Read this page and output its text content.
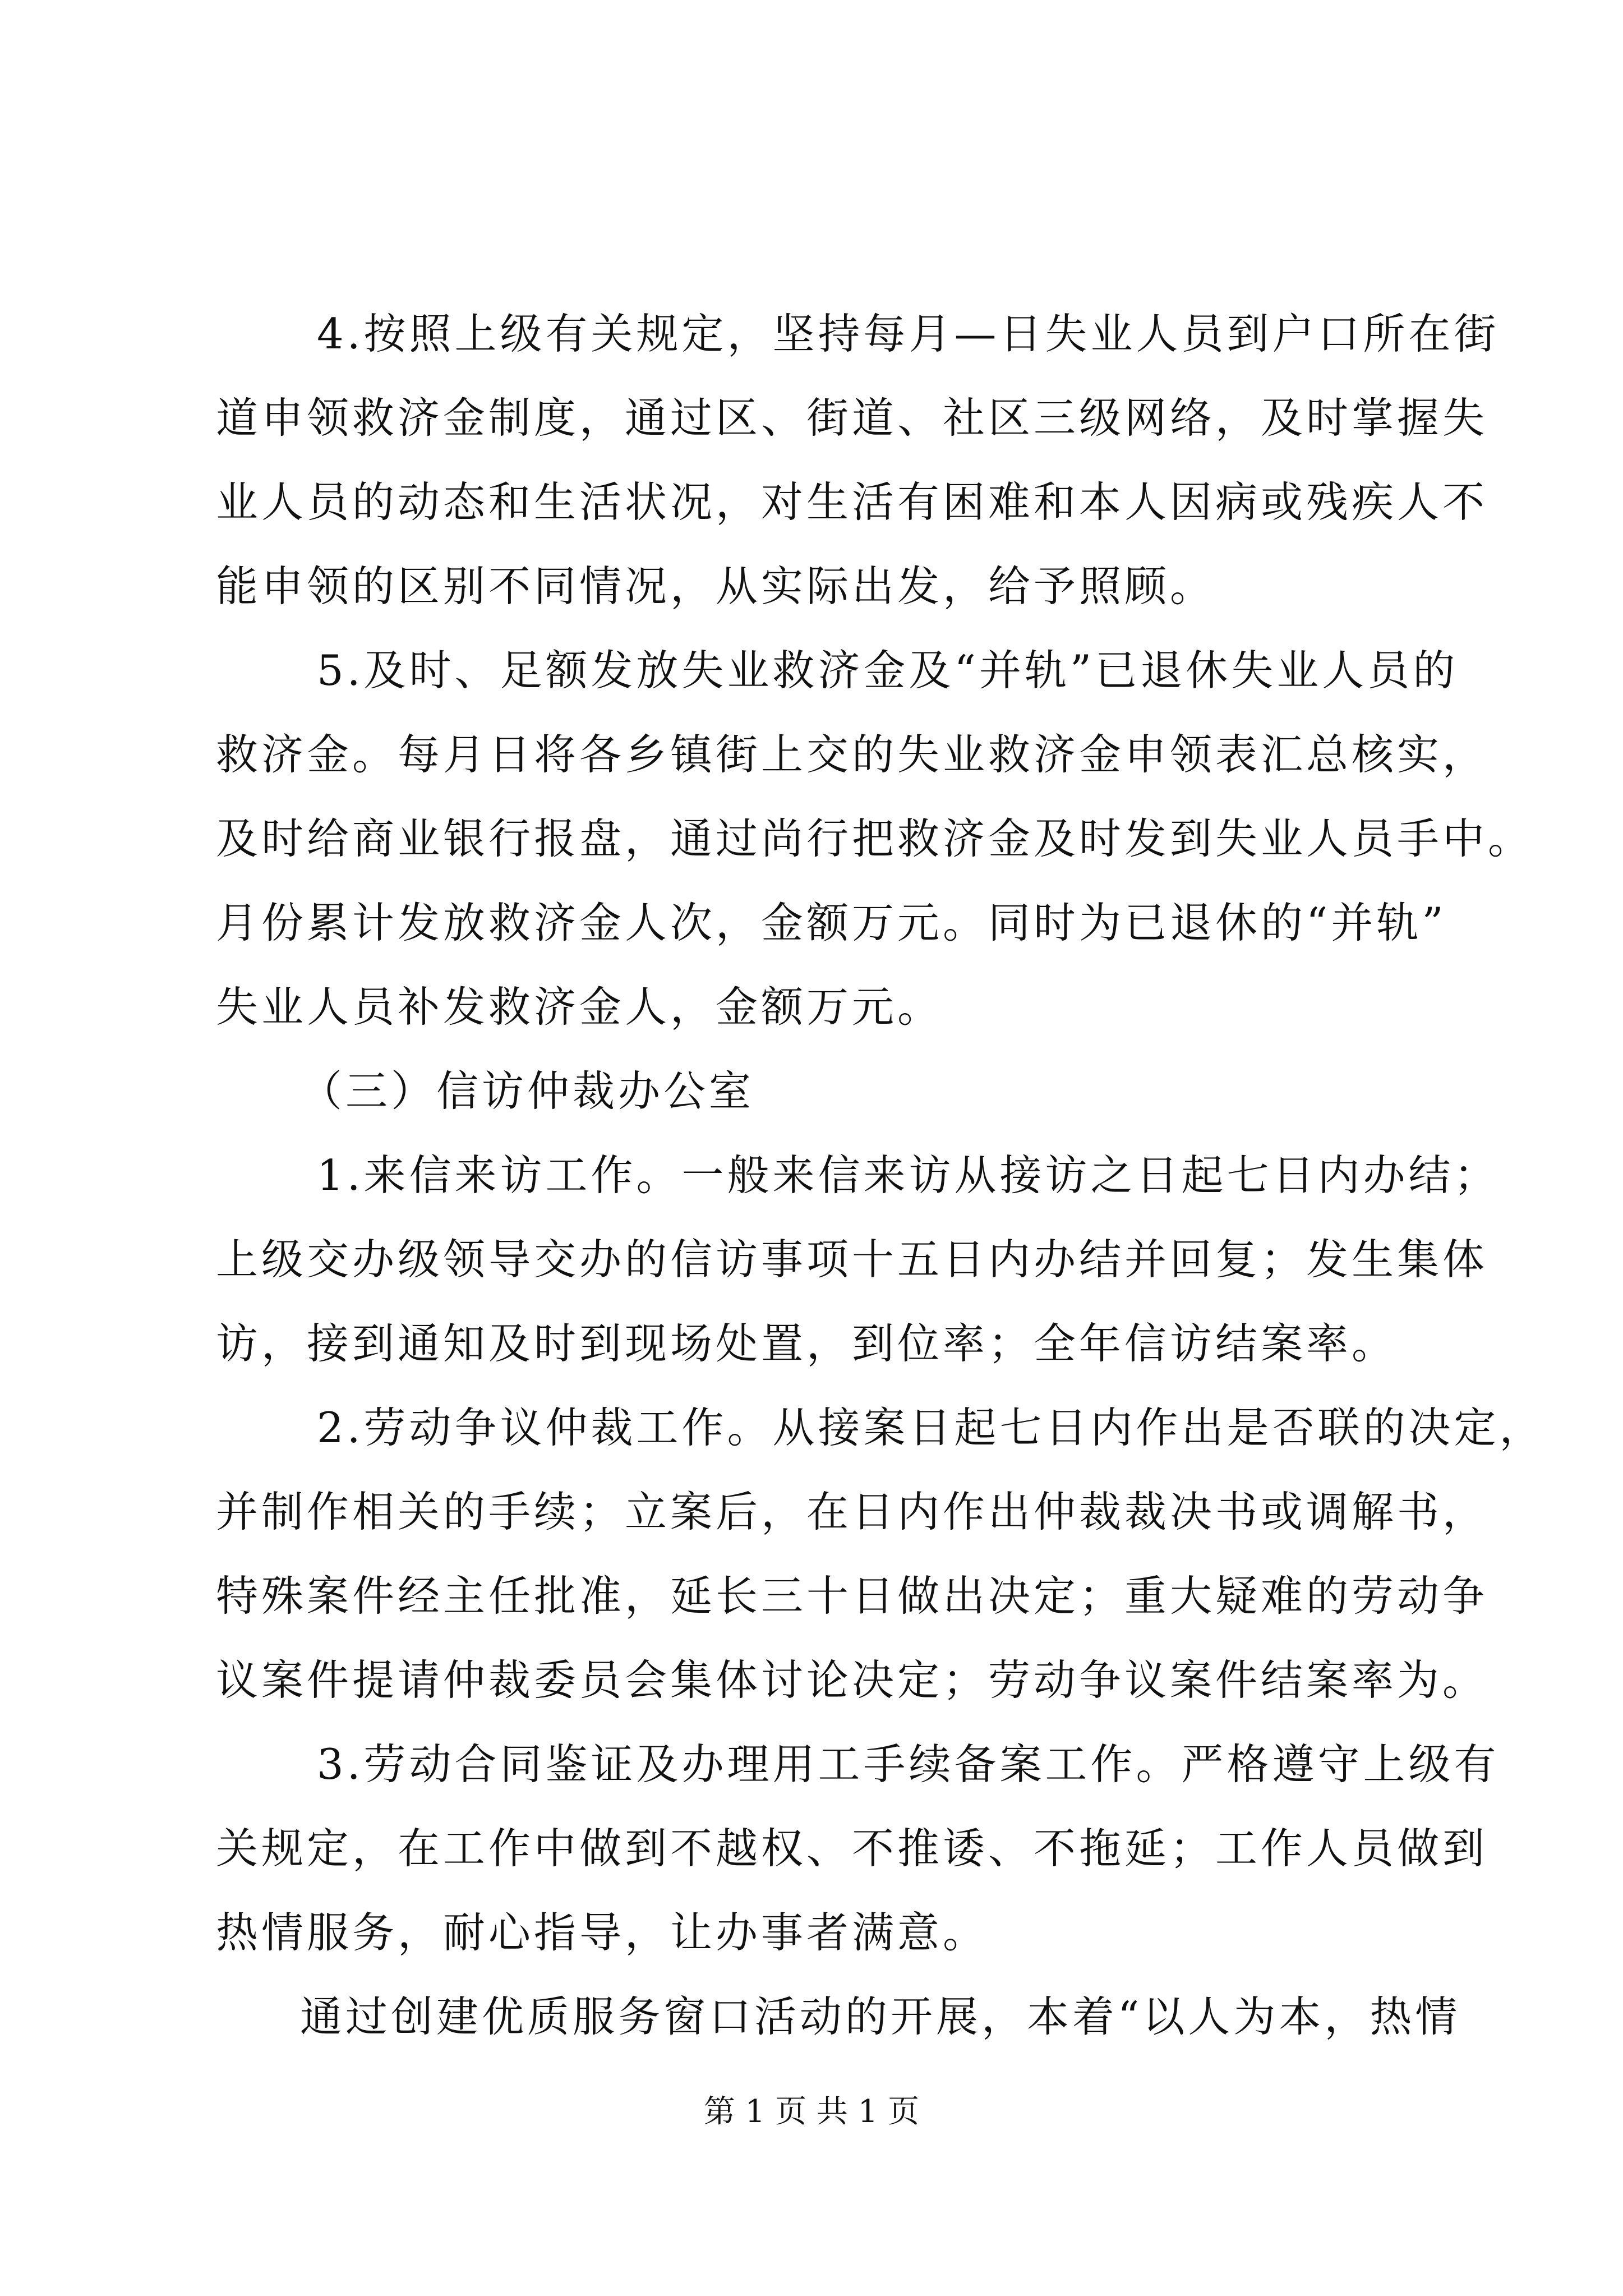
4.按照上级有关规定，坚持每月—日失业人员到户口所在街
道申领救济金制度，通过区、街道、社区三级网络，及时掌握失
业人员的动态和生活状况，对生活有困难和本人因病或残疾人不
能申领的区别不同情况，从实际出发，给予照顾。
5.及时、足额发放失业救济金及“并轨”已退休失业人员的
救济金。每月日将各乡镇街上交的失业救济金申领表汇总核实，
及时给商业银行报盘，通过尚行把救济金及时发到失业人员手中。
月份累计发放救济金人次，金额万元。同时为已退休的“并轨”
失业人员补发救济金人，金额万元。
（三）信访仲裁办公室
1.来信来访工作。一般来信来访从接访之日起七日内办结；
上级交办级领导交办的信访事项十五日内办结并回复；发生集体
访，接到通知及时到现场处置，到位率；全年信访结案率。
2.劳动争议仲裁工作。从接案日起七日内作出是否联的决定，
并制作相关的手续；立案后，在日内作出仲裁裁决书或调解书，
特殊案件经主任批准，延长三十日做出决定；重大疑难的劳动争
议案件提请仲裁委员会集体讨论决定；劳动争议案件结案率为。
3.劳动合同鉴证及办理用工手续备案工作。严格遵守上级有
关规定，在工作中做到不越权、不推诿、不拖延；工作人员做到
热情服务，耐心指导，让办事者满意。
通过创建优质服务窗口活动的开展，本着“以人为本，热情
第 1 页 共 1 页
